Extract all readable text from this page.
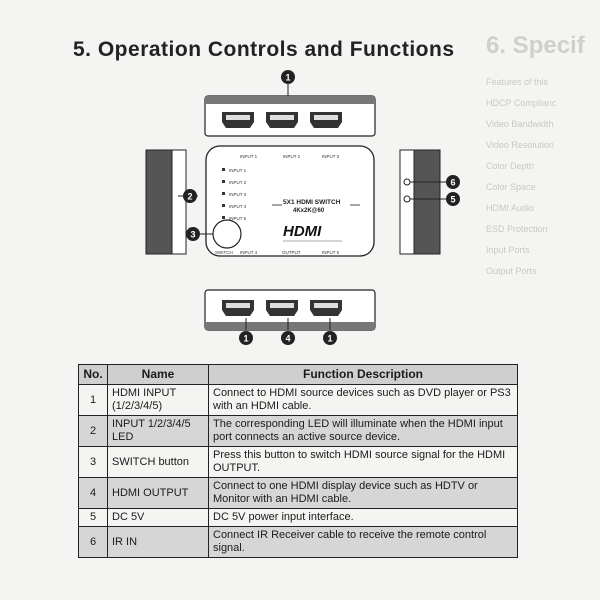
6. Specif
Features of this
HDCP Complianc
Video Bandwidth
Video Resolution
Color Depth
Color Space
HDMI Audio
ESD Protection
Input Ports
Output Ports
5. Operation Controls and Functions
INPUT 1	INPUT 2	INPUT 3
INPUT 1
INPUT 2
INPUT 3
INPUT 4
INPUT 5
5X1 HDMI SWITCH
4Kx2K@60
HDMI
SWITCH INPUT 4	OUTPUT	INPUT 5
1
2
3
6
5
1	4	1
No.	Name	Function Description
1	HDMI INPUT (1/2/3/4/5)	Connect to HDMI source devices such as DVD player or PS3 with an HDMI cable.
2	INPUT 1/2/3/4/5 LED	The corresponding LED will illuminate when the HDMI input port connects an active source device.
3	SWITCH button	Press this button to switch HDMI source signal for the HDMI OUTPUT.
4	HDMI OUTPUT	Connect to one HDMI display device such as HDTV or Monitor with an HDMI cable.
5	DC 5V	DC 5V power input interface.
6	IR IN	Connect IR Receiver cable to receive the remote control signal.
